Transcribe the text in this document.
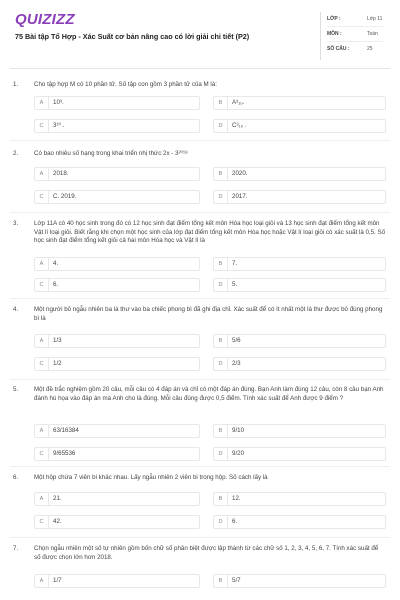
QUIZIZZ
75 Bài tập Tổ Hợp - Xác Suất cơ bản nâng cao có lời giải chi tiết (P2)
LỚP :	Lớp 11
MÔN :	Toán
SỐ CÂU :	25
1.	Cho tập hợp M có 10 phần tử. Số tập con gồm 3 phần tử của M là:
A	10³.	B	A³₁₀.
C	3¹⁰ .	D	C³₁₀ .
2.	Có bao nhiêu số hạng trong khai triển nhị thức 2x - 3²⁰¹⁸
A	2018.	B	2020.
C	C. 2019.	D	2017.
3.	Lớp 11A có 40 học sinh trong đó có 12 học sinh đạt điểm tổng kết môn Hóa học loại giỏi và 13 học sinh đạt điểm tổng kết môn Vật lí loại giỏi. Biết rằng khi chọn một học sinh của lớp đạt điểm tổng kết môn Hóa học hoặc Vật lí loại giỏi có xác suất là 0,5. Số học sinh đạt điểm tổng kết giỏi cả hai môn Hóa học và Vật lí là
A	4.	B	7.
C	6.	D	5.
4.	Một người bỏ ngẫu nhiên ba lá thư vào ba chiếc phong bì đã ghi địa chỉ. Xác suất để có ít nhất một lá thư được bỏ đúng phong bì là
A	1/3	B	5/6
C	1/2	D	2/3
5.	Một đề trắc nghiệm gồm 20 câu, mỗi câu có 4 đáp án và chỉ có một đáp án đúng. Bạn Anh làm đúng 12 câu, còn 8 câu bạn Anh đánh hú họa vào đáp án mà Anh cho là đúng. Mỗi câu đúng được 0,5 điểm. Tính xác suất để Anh được 9 điểm ?
A	63/16384	B	9/10
C	9/65536	D	9/20
6.	Một hộp chứa 7 viên bi khác nhau. Lấy ngẫu nhiên 2 viên bi trong hộp. Số cách lấy là
A	21.	B	12.
C	42.	D	6.
7.	Chọn ngẫu nhiên một số tự nhiên gồm bốn chữ số phân biệt được lập thành từ các chữ số 1, 2, 3, 4, 5, 6, 7. Tính xác suất để số được chọn lớn hơn 2018.
A	1/7	B	5/7
